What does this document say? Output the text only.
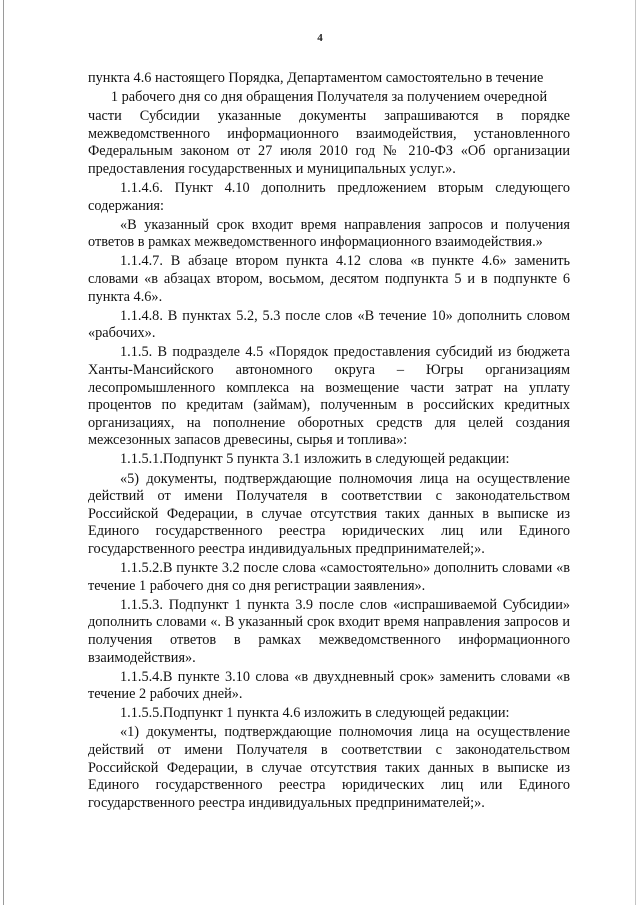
4

пункта 4.6 настоящего Порядка, Департаментом самостоятельно в течение

1 рабочего дня со дня обращения Получателя за получением очередной

части Субсидии указанные документы запрашиваются в порядке межведомственного информационного взаимодействия, установленного Федеральным законом от 27 июля 2010 год № 210-ФЗ «Об организации предоставления государственных и муниципальных услуг.».

1.1.4.6. Пункт 4.10 дополнить предложением вторым следующего содержания:

«В указанный срок входит время направления запросов и получения ответов в рамках межведомственного информационного взаимодействия.»

1.1.4.7. В абзаце втором пункта 4.12 слова «в пункте 4.6» заменить словами «в абзацах втором, восьмом, десятом подпункта 5 и в подпункте 6 пункта 4.6».

1.1.4.8. В пунктах 5.2, 5.3 после слов «В течение 10» дополнить словом «рабочих».

1.1.5. В подразделе 4.5 «Порядок предоставления субсидий из бюджета Ханты-Мансийского автономного округа – Югры организациям лесопромышленного комплекса на возмещение части затрат на уплату процентов по кредитам (займам), полученным в российских кредитных организациях, на пополнение оборотных средств для целей создания межсезонных запасов древесины, сырья и топлива»:

1.1.5.1.Подпункт 5 пункта 3.1 изложить в следующей редакции:

«5) документы, подтверждающие полномочия лица на осуществление действий от имени Получателя в соответствии с законодательством Российской Федерации, в случае отсутствия таких данных в выписке из Единого государственного реестра юридических лиц или Единого государственного реестра индивидуальных предпринимателей;».

1.1.5.2.В пункте 3.2 после слова «самостоятельно» дополнить словами «в течение 1 рабочего дня со дня регистрации заявления».

1.1.5.3. Подпункт 1 пункта 3.9 после слов «испрашиваемой Субсидии» дополнить словами «. В указанный срок входит время направления запросов и получения ответов в рамках межведомственного информационного взаимодействия».

1.1.5.4.В пункте 3.10 слова «в двухдневный срок» заменить словами «в течение 2 рабочих дней».

1.1.5.5.Подпункт 1 пункта 4.6 изложить в следующей редакции:

«1) документы, подтверждающие полномочия лица на осуществление действий от имени Получателя в соответствии с законодательством Российской Федерации, в случае отсутствия таких данных в выписке из Единого государственного реестра юридических лиц или Единого государственного реестра индивидуальных предпринимателей;».
